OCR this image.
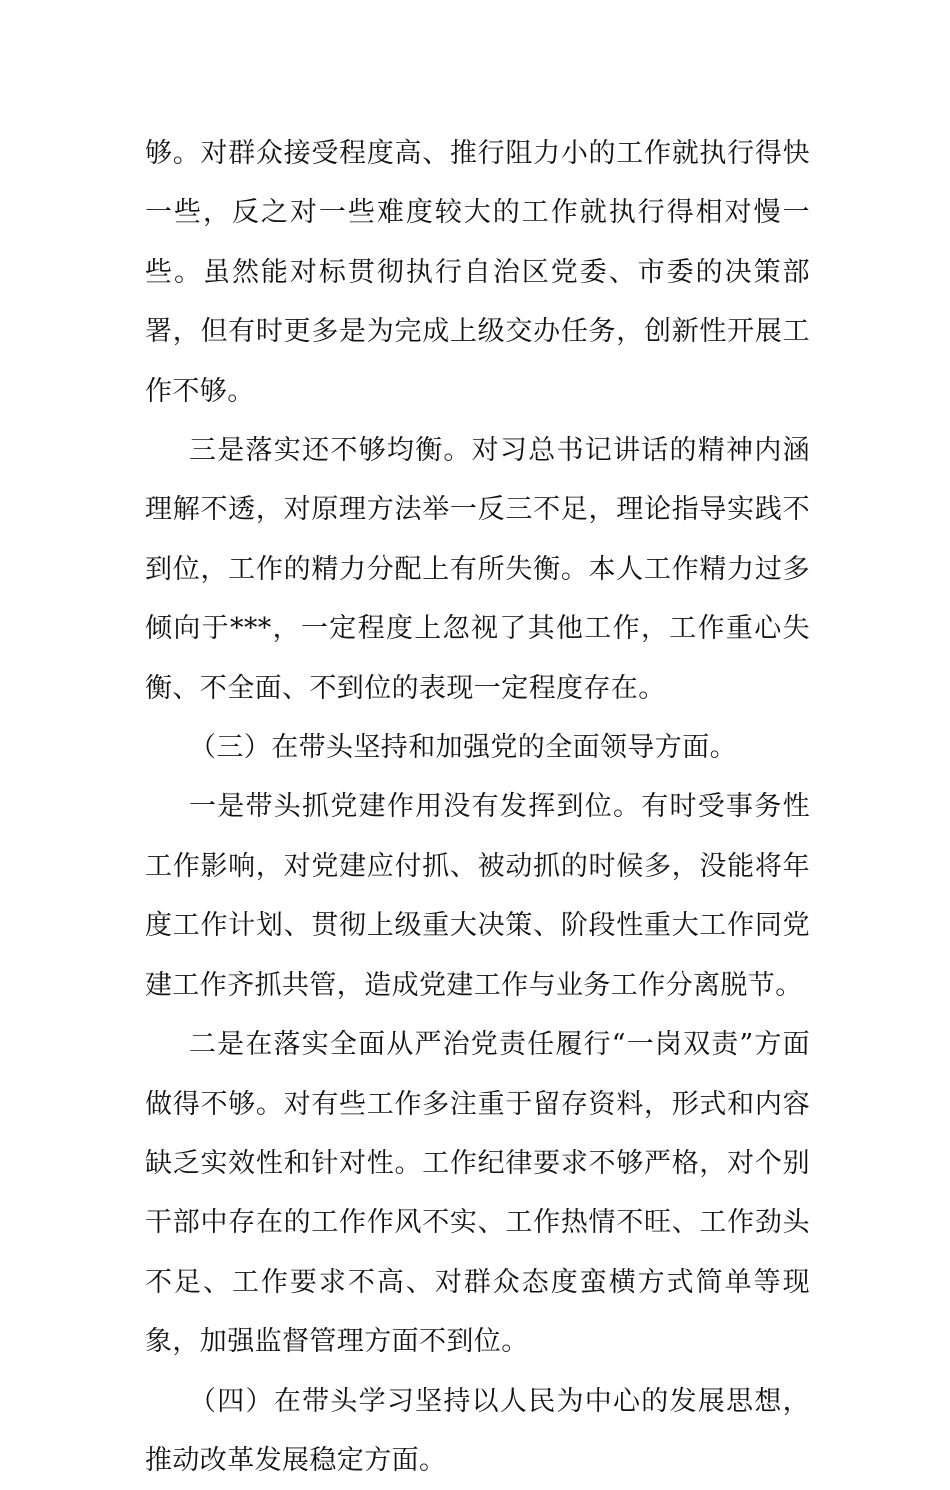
够。对群众接受程度高、推行阻力小的工作就执行得快一些，反之对一些难度较大的工作就执行得相对慢一些。虽然能对标贯彻执行自治区党委、市委的决策部署，但有时更多是为完成上级交办任务，创新性开展工作不够。

三是落实还不够均衡。对习总书记讲话的精神内涵理解不透，对原理方法举一反三不足，理论指导实践不到位，工作的精力分配上有所失衡。本人工作精力过多倾向于***，一定程度上忽视了其他工作，工作重心失衡、不全面、不到位的表现一定程度存在。

（三）在带头坚持和加强党的全面领导方面。

一是带头抓党建作用没有发挥到位。有时受事务性工作影响，对党建应付抓、被动抓的时候多，没能将年度工作计划、贯彻上级重大决策、阶段性重大工作同党建工作齐抓共管，造成党建工作与业务工作分离脱节。

二是在落实全面从严治党责任履行“一岗双责”方面做得不够。对有些工作多注重于留存资料，形式和内容缺乏实效性和针对性。工作纪律要求不够严格，对个别干部中存在的工作作风不实、工作热情不旺、工作劲头不足、工作要求不高、对群众态度蛮横方式简单等现象，加强监督管理方面不到位。

（四）在带头学习坚持以人民为中心的发展思想，推动改革发展稳定方面。
